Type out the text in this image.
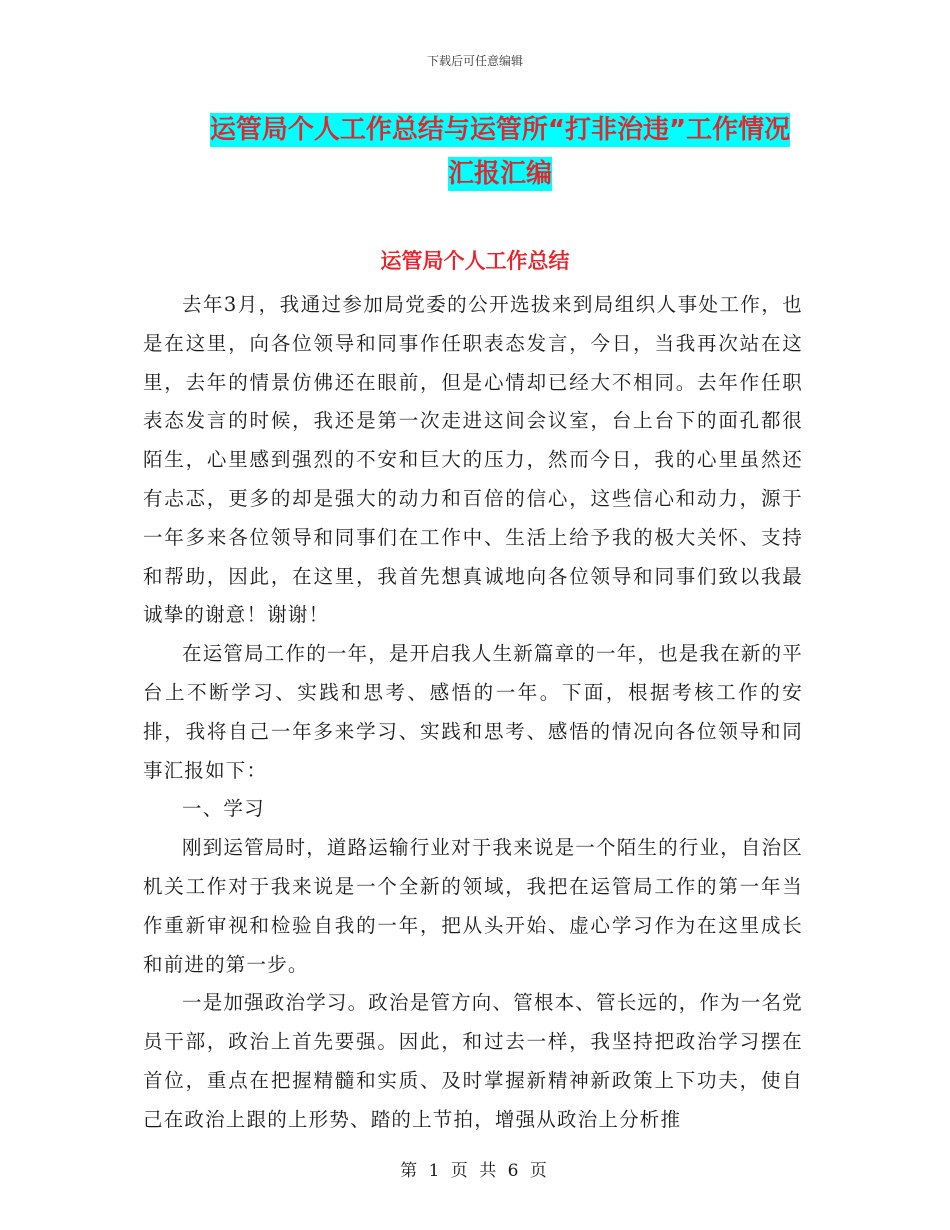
下载后可任意编辑
运管局个人工作总结与运管所“打非治违”工作情况
汇报汇编
运管局个人工作总结

去年3月，我通过参加局党委的公开选拔来到局组织人事处工作，也是在这里，向各位领导和同事作任职表态发言，今日，当我再次站在这里，去年的情景仿佛还在眼前，但是心情却已经大不相同。去年作任职表态发言的时候，我还是第一次走进这间会议室，台上台下的面孔都很陌生，心里感到强烈的不安和巨大的压力，然而今日，我的心里虽然还有忐忑，更多的却是强大的动力和百倍的信心，这些信心和动力，源于一年多来各位领导和同事们在工作中、生活上给予我的极大关怀、支持和帮助，因此，在这里，我首先想真诚地向各位领导和同事们致以我最诚挚的谢意！谢谢！

在运管局工作的一年，是开启我人生新篇章的一年，也是我在新的平台上不断学习、实践和思考、感悟的一年。下面，根据考核工作的安排，我将自己一年多来学习、实践和思考、感悟的情况向各位领导和同事汇报如下：

一、学习

刚到运管局时，道路运输行业对于我来说是一个陌生的行业，自治区机关工作对于我来说是一个全新的领域，我把在运管局工作的第一年当作重新审视和检验自我的一年，把从头开始、虚心学习作为在这里成长和前进的第一步。

一是加强政治学习。政治是管方向、管根本、管长远的，作为一名党员干部，政治上首先要强。因此，和过去一样，我坚持把政治学习摆在首位，重点在把握精髓和实质、及时掌握新精神新政策上下功夫，使自己在政治上跟的上形势、踏的上节拍，增强从政治上分析推

第 1 页 共 6 页
